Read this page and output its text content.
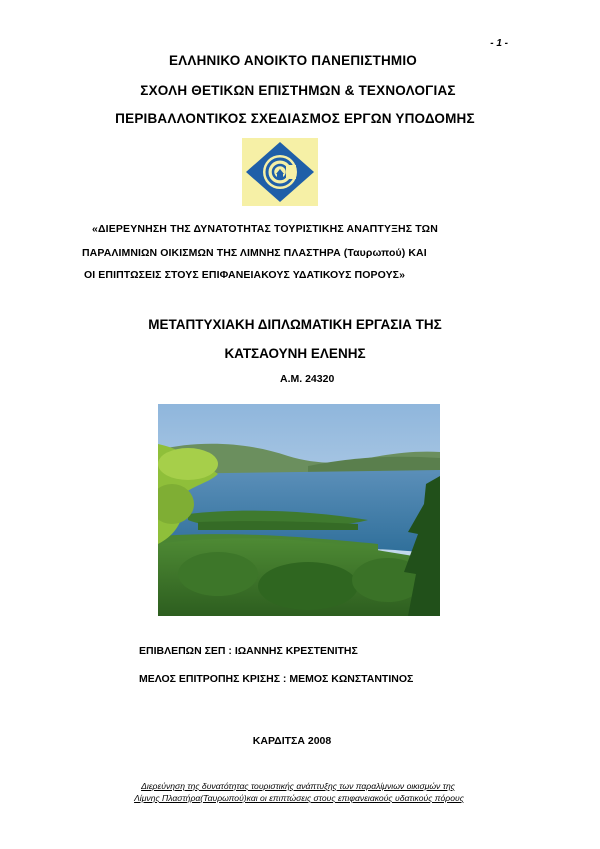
- 1 -
ΕΛΛΗΝΙΚΟ ΑΝΟΙΚΤΟ ΠΑΝΕΠΙΣΤΗΜΙΟ
ΣΧΟΛΗ ΘΕΤΙΚΩΝ ΕΠΙΣΤΗΜΩΝ & ΤΕΧΝΟΛΟΓΙΑΣ
ΠΕΡΙΒΑΛΛΟΝΤΙΚΟΣ ΣΧΕΔΙΑΣΜΟΣ ΕΡΓΩΝ ΥΠΟΔΟΜΗΣ
«ΔΙΕΡΕΥΝΗΣΗ ΤΗΣ ΔΥΝΑΤΟΤΗΤΑΣ ΤΟΥΡΙΣΤΙΚΗΣ ΑΝΑΠΤΥΞΗΣ ΤΩΝ
ΠΑΡΑΛΙΜΝΙΩΝ ΟΙΚΙΣΜΩΝ ΤΗΣ ΛΙΜΝΗΣ ΠΛΑΣΤΗΡΑ (Ταυρωπού) ΚΑΙ
ΟΙ ΕΠΙΠΤΩΣΕΙΣ ΣΤΟΥΣ ΕΠΙΦΑΝΕΙΑΚΟΥΣ ΥΔΑΤΙΚΟΥΣ ΠΟΡΟΥΣ»
ΜΕΤΑΠΤΥΧΙΑΚΗ ΔΙΠΛΩΜΑΤΙΚΗ ΕΡΓΑΣΙΑ ΤΗΣ
ΚΑΤΣΑΟΥΝΗ ΕΛΕΝΗΣ
Α.Μ. 24320
ΕΠΙΒΛΕΠΩΝ ΣΕΠ : ΙΩΑΝΝΗΣ ΚΡΕΣΤΕΝΙΤΗΣ
ΜΕΛΟΣ ΕΠΙΤΡΟΠΗΣ ΚΡΙΣΗΣ : ΜΕΜΟΣ ΚΩΝΣΤΑΝΤΙΝΟΣ
ΚΑΡΔΙΤΣΑ 2008
Διερεύνηση της δυνατότητας τουριστικής ανάπτυξης των παραλίμνιων οικισμών της
Λίμνης Πλαστήρα(Ταυρωπού)και οι επιπτώσεις στους επιφανειακούς υδατικούς πόρους
